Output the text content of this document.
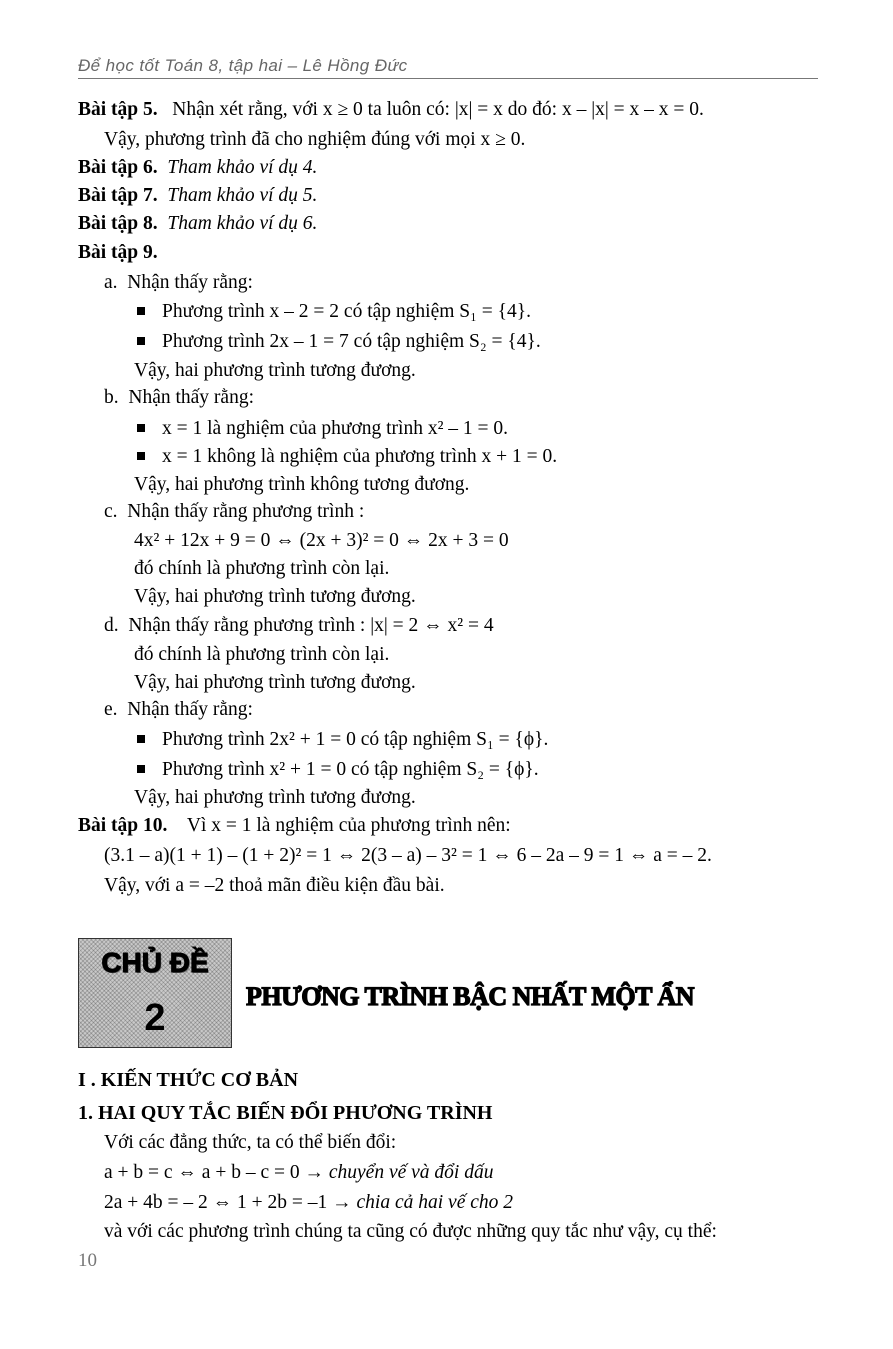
Để học tốt Toán 8, tập hai – Lê Hồng Đức
Bài tập 5. Nhận xét rằng, với x ≥ 0 ta luôn có: |x| = x do đó: x – |x| = x – x = 0.
Vậy, phương trình đã cho nghiệm đúng với mọi x ≥ 0.
Bài tập 6. Tham khảo ví dụ 4.
Bài tập 7. Tham khảo ví dụ 5.
Bài tập 8. Tham khảo ví dụ 6.
Bài tập 9.
a. Nhận thấy rằng:
Phương trình x – 2 = 2 có tập nghiệm S₁ = {4}.
Phương trình 2x – 1 = 7 có tập nghiệm S₂ = {4}.
Vậy, hai phương trình tương đương.
b. Nhận thấy rằng:
x = 1 là nghiệm của phương trình x² – 1 = 0.
x = 1 không là nghiệm của phương trình x + 1 = 0.
Vậy, hai phương trình không tương đương.
c. Nhận thấy rằng phương trình :
4x² + 12x + 9 = 0 ⇔ (2x + 3)² = 0 ⇔ 2x + 3 = 0
đó chính là phương trình còn lại.
Vậy, hai phương trình tương đương.
d. Nhận thấy rằng phương trình : |x| = 2 ⇔ x² = 4
đó chính là phương trình còn lại.
Vậy, hai phương trình tương đương.
e. Nhận thấy rằng:
Phương trình 2x² + 1 = 0 có tập nghiệm S₁ = {ϕ}.
Phương trình x² + 1 = 0 có tập nghiệm S₂ = {ϕ}.
Vậy, hai phương trình tương đương.
Bài tập 10. Vì x = 1 là nghiệm của phương trình nên:
(3.1 – a)(1 + 1) – (1 + 2)² = 1 ⇔ 2(3 – a) – 3² = 1 ⇔ 6 – 2a – 9 = 1 ⇔ a = – 2.
Vậy, với a = –2 thoả mãn điều kiện đầu bài.
CHỦ ĐỀ
2
PHƯƠNG TRÌNH BẬC NHẤT MỘT ẨN
I . KIẾN THỨC CƠ BẢN
1. HAI QUY TẮC BIẾN ĐỔI PHƯƠNG TRÌNH
Với các đẳng thức, ta có thể biến đổi:
a + b = c ⇔ a + b – c = 0 → chuyển vế và đổi dấu
2a + 4b = – 2 ⇔ 1 + 2b = –1 → chia cả hai vế cho 2
và với các phương trình chúng ta cũng có được những quy tắc như vậy, cụ thể:
10
